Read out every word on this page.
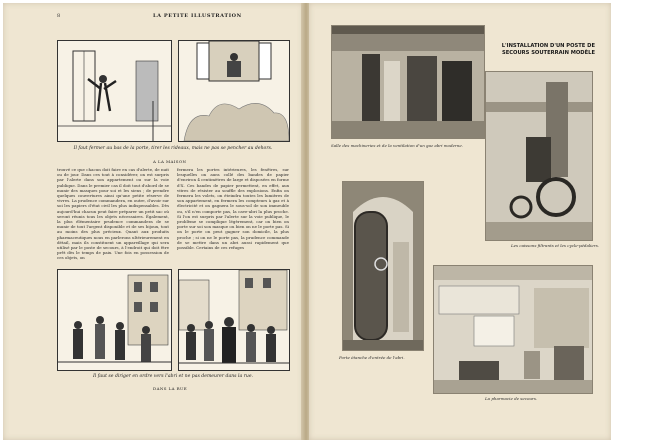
8	LA PETITE ILLUSTRATION
Il faut fermer au bas de la porte, tirer les rideaux, mais ne pas se pencher au dehors.
A LA MAISON
trouvé ce que chacun doit faire en cas d'alerte, de nuit ou de jour. Dans ces tout à considérer, on est surpris par l'alerte dans son appartement ou sur la voie publique. Dans le premier cas il doit tout d'abord de se munir des masques pour soi et les siens ; de prendre quelques couvertures ainsi qu'une petite réserve de vivres. La prudence commandera, en outre, d'avoir sur soi les papiers d'état civil les plus indispensables. Dès aujourd'hui chacun peut faire préparer un petit sac où seront réunis tous les objets nécessaires. Également, la plus élémentaire prudence commandera de se munir de tout l'argent disponible et de ses bijoux, tout au moins des plus précieux. Quant aux produits pharmaceutiques nous en parlerons ultérieurement en détail, mais ils constituent un appareillage qui sera utilisé par le poste de secours, à l'endroit qui doit être prêt dès le temps de paix. Une fois en possession de ces objets, on
fermera les portes intérieures, les fenêtres, sur lesquelles on aura collé des bandes de papier d'environ 4 centimètres de large et disposées en forme d'X. Ces bandes de papier permettent, en effet, aux vitres de résister au souffle des explosions. Enfin on fermera les volets, on éteindra toutes les lumières de son appartement, en fermera les compteurs à gaz et à électricité et on gagnera le sous-sol de son immeuble ou, s'il n'en comporte pas, la cave-abri la plus proche. Si l'on est surpris par l'alerte sur la voie publique, le problème se complique légèrement, car on bien on porte sur soi son masque ou bien on ne le porte pas. Si on le porte on peut gagner son domicile, la plus proche ; si on ne le porte pas, la prudence commande de se mettre dans un abri aussi rapidement que possible. Certains de ces refuges
Il faut se diriger en ordre vers l'abri et ne pas demeurer dans la rue.
DANS LA RUE
L'INSTALLATION D'UN POSTE DE SECOURS SOUTERRAIN MODÈLE
Salle des machineries et de la ventilation d'un gaz abri moderne.
Les caissons filtrants et les cycle-pédaliers.
Porte étanche d'entrée de l'abri.
La pharmacie de secours.
